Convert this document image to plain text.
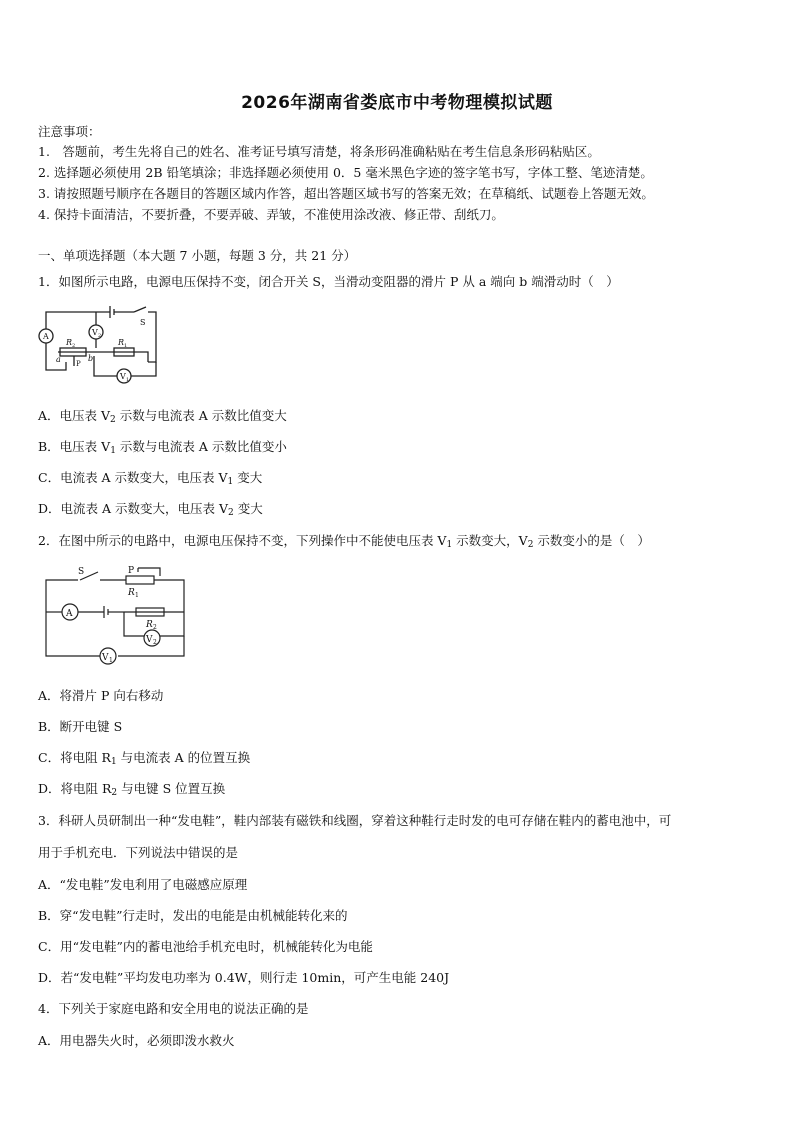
2026年湖南省娄底市中考物理模拟试题
注意事项：
1.　答题前，考生先将自己的姓名、准考证号填写清楚，将条形码准确粘贴在考生信息条形码粘贴区。
2. 选择题必须使用 2B 铅笔填涂；非选择题必须使用 0．5 毫米黑色字迹的签字笔书写，字体工整、笔迹清楚。
3. 请按照题号顺序在各题目的答题区域内作答，超出答题区域书写的答案无效；在草稿纸、试题卷上答题无效。
4. 保持卡面清洁，不要折叠，不要弄破、弄皱，不准使用涂改液、修正带、刮纸刀。
一、单项选择题（本大题 7 小题，每题 3 分，共 21 分）
1．如图所示电路，电源电压保持不变，闭合开关 S，当滑动变阻器的滑片 P 从 a 端向 b 端滑动时（　）
A	V 2
V 1
S
R 2	R 1
a	b
P
A．电压表 $V_2$ 示数与电流表 A 示数比值变大
B．电压表 $V_1$ 示数与电流表 A 示数比值变小
C．电流表 A 示数变大，电压表 $V_1$ 变大
D．电流表 A 示数变大，电压表 $V_2$ 变大
2．在图中所示的电路中，电源电压保持不变，下列操作中不能使电压表 $V_1$ 示数变大，$V_2$ 示数变小的是（　）
S	P
R 1
R 2
A
V 2
V 1
A．将滑片 P 向右移动
B．断开电键 S
C．将电阻 $R_1$ 与电流表 A 的位置互换
D．将电阻 $R_2$ 与电键 S 位置互换
3．科研人员研制出一种“发电鞋”，鞋内部装有磁铁和线圈，穿着这种鞋行走时发的电可存储在鞋内的蓄电池中，可
用于手机充电．下列说法中错误的是
A．“发电鞋”发电利用了电磁感应原理
B．穿“发电鞋”行走时，发出的电能是由机械能转化来的
C．用“发电鞋”内的蓄电池给手机充电时，机械能转化为电能
D．若“发电鞋”平均发电功率为 0.4W，则行走 10min，可产生电能 240J
4．下列关于家庭电路和安全用电的说法正确的是
A．用电器失火时，必须即泼水救火
